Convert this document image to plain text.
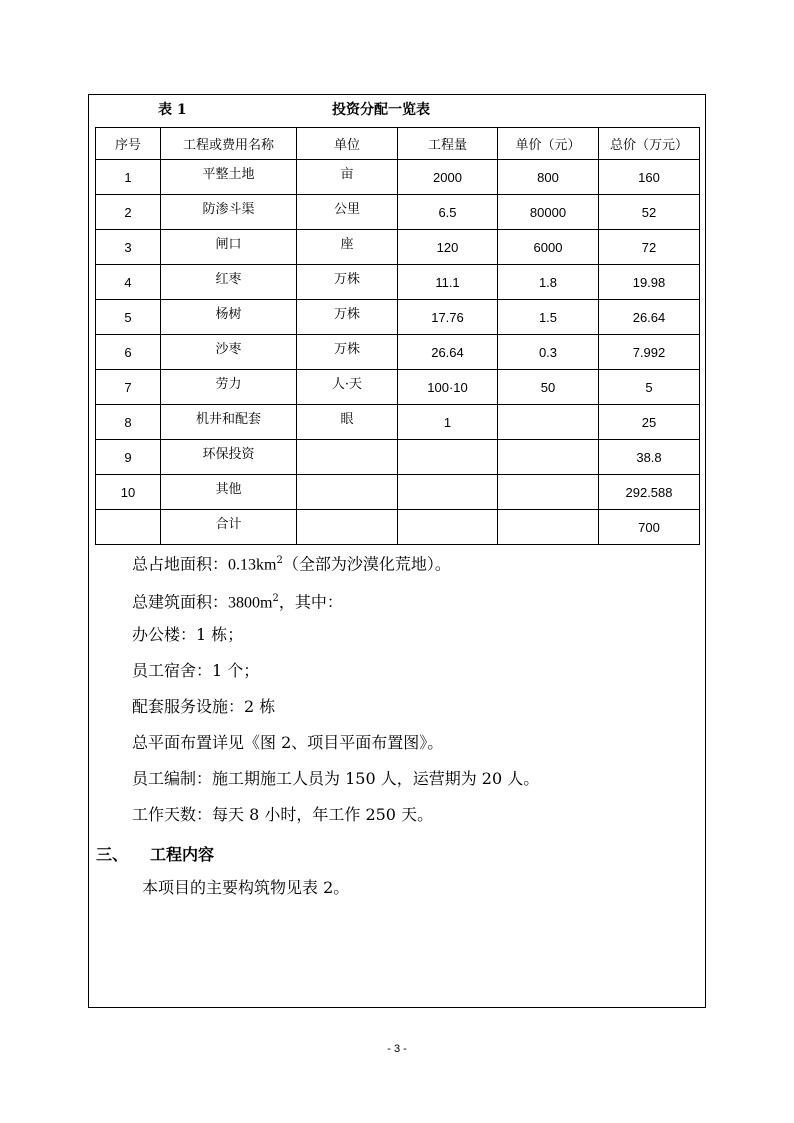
表 1	投资分配一览表
序号	工程或费用名称	单位	工程量	单价（元）	总价（万元）
1	平整土地	亩	2000	800	160
2	防渗斗渠	公里	6.5	80000	52
3	闸口	座	120	6000	72
4	红枣	万株	11.1	1.8	19.98
5	杨树	万株	17.76	1.5	26.64
6	沙枣	万株	26.64	0.3	7.992
7	劳力	人·天	100·10	50	5
8	机井和配套	眼	1		25
9	环保投资				38.8
10	其他				292.588
	合计				700
总占地面积：$0.13km^2$（全部为沙漠化荒地）。
总建筑面积：$3800m^2$，其中：
办公楼：1 栋；
员工宿舍：1 个；
配套服务设施：2 栋
总平面布置详见《图 2、项目平面布置图》。
员工编制：施工期施工人员为 150 人，运营期为 20 人。
工作天数：每天 8 小时，年工作 250 天。
三、 工程内容
本项目的主要构筑物见表 2。
- 3 -
